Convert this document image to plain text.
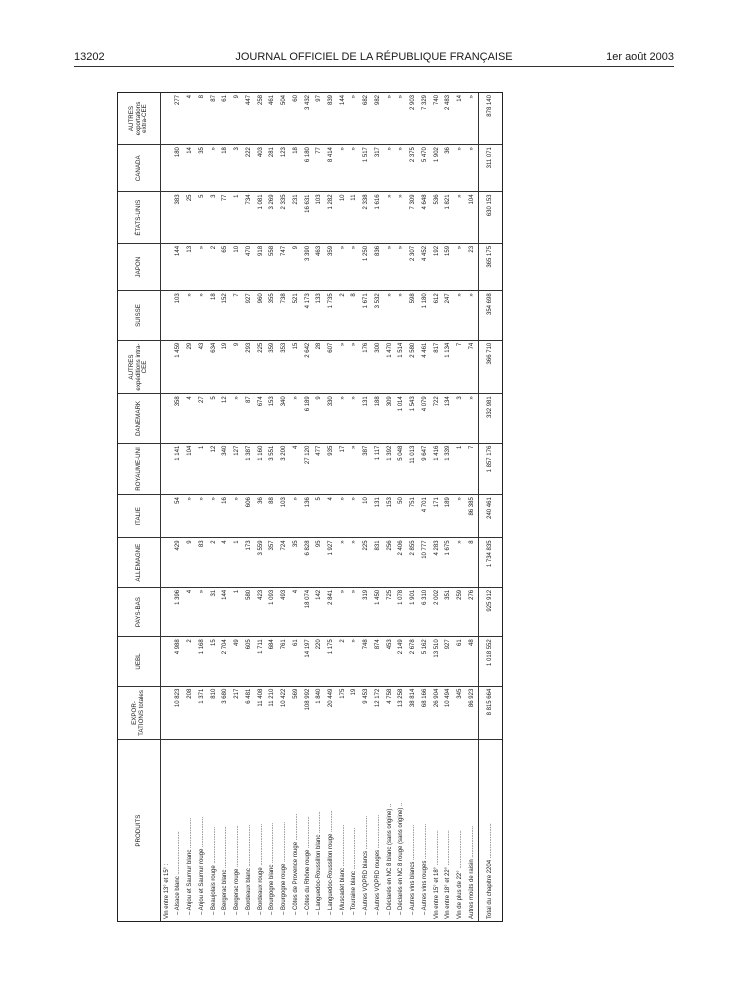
13202	JOURNAL OFFICIEL DE LA RÉPUBLIQUE FRANÇAISE	1er août 2003
PRODUITS	EXPOR-TATIONS totales	UEBL	PAYS-BAS	ALLEMAGNE	ITALIE	ROYAUME-UNI	DANEMARK	AUTRES expéditions intra-CEE	SUISSE	JAPON	ÉTATS-UNIS	CANADA	AUTRES exportations extra-CEE
Vin entre 13° et 15° :													
– Alsace blanc ..........................	10 823	4 988	1 396	429	54	1 141	358	1 459	103	144	383	180	277
– Anjou et Saumur blanc ..................	208	2	4	9	»	104	4	29	»	13	25	14	4
– Anjou et Saumur rouge ..................	1 371	1 168	»	83	»	1	27	43	»	»	5	35	8
– Beaujolais rouge ......................	810	15	31	2	»	12	5	634	18	2	3	»	87
– Bergerac blanc .........................	3 680	2 704	144	4	16	340	12	19	152	65	77	18	61
– Bergerac rouge .........................	217	49	1	1	»	127	»	9	7	10	1	3	9
– Bordeaux blanc .........................	6 481	605	580	173	606	1 387	87	293	927	470	734	222	447
– Bordeaux rouge .........................	11 408	1 711	423	3 559	36	1 160	674	225	960	918	1 081	403	258
– Bourgogne blanc ........................	11 210	684	1 093	357	88	3 551	153	359	355	558	3 269	281	461
– Bourgogne rouge ........................	10 422	761	493	724	103	3 200	340	353	738	747	2 335	123	504
– Côtes de Provence rouge ................	569	61	4	35	»	4	»	15	521	9	231	18	60
– Côtes du Rhône rouge ...................	108 992	14 197	18 074	6 828	136	27 120	6 189	2 642	4 173	3 390	16 631	6 180	3 432
– Languedoc-Roussillon blanc .............	1 840	220	142	95	5	477	9	28	133	463	103	77	97
– Languedoc-Roussillon rouge .............	20 449	1 175	2 841	1 927	4	935	330	607	1 735	359	1 282	8 414	839
– Muscadet blanc .........................	175	2	»	»	»	17	»	»	2	»	10	»	144
– Touraine blanc .........................	19	»	»	»	»	»	»	»	8	»	11	»	»
– Autres VQPRD blancs ....................	9 453	748	319	225	10	387	131	176	1 671	1 250	2 338	1 517	682
– Autres VQPRD rouges ....................	12 172	874	1 450	831	131	1 117	188	300	3 532	836	1 616	317	982
– Déclarés en NC 8 blanc (sans origine) ..	4 758	453	725	256	153	1 392	309	1 470	»	»	»	»	»
– Déclarés en NC 8 rouge (sans origine) ..	13 258	2 149	1 078	2 406	50	5 048	1 014	1 514	»	»	»	»	»
– Autres vins blancs .....................	38 814	2 678	1 901	2 855	751	11 013	1 543	2 580	598	2 307	7 309	2 375	2 903
– Autres vins rouges .....................	68 166	5 162	6 310	10 777	4 701	9 647	4 079	4 461	1 180	4 452	4 648	5 470	7 329
Vin entre 15° et 18° .....................	26 904	13 510	2 002	4 283	171	1 416	722	817	612	192	536	1 902	740
Vin entre 18° et 22° .....................	10 494	927	351	1 675	189	1 339	134	1 134	247	159	1 821	36	2 483
Vin de plus de 22° .......................	345	61	259	»	»	1	3	7	»	»	»	»	14
Autres moûts de raisin ...................	86 923	48	276	8	86 385	7	»	74	»	23	104	»	»
Total du chapitre 2204 .....................	8 815 664	1 018 552	925 912	1 734 835	240 461	1 857 176	332 981	366 710	354 698	365 175	630 153	311 071	878 140
